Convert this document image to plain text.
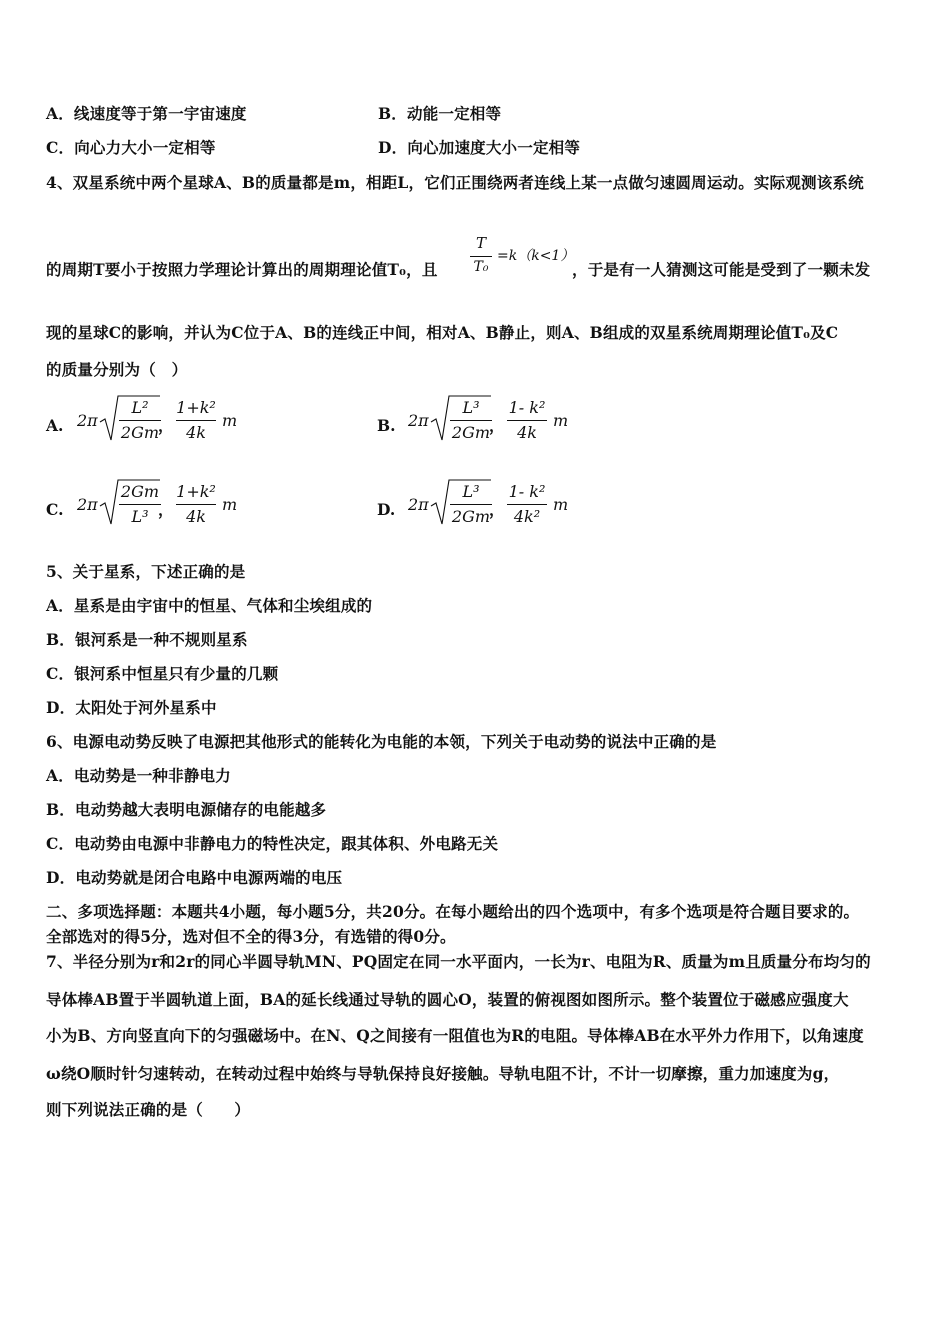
A．线速度等于第一宇宙速度	B．动能一定相等
C．向心力大小一定相等	D．向心加速度大小一定相等
4、双星系统中两个星球A、B的质量都是m，相距L，它们正围绕两者连线上某一点做匀速圆周运动。实际观测该系统
的周期T要小于按照力学理论计算出的周期理论值T₀，且
T
T₀
=k（k<1）
，于是有一人猜测这可能是受到了一颗未发
现的星球C的影响，并认为C位于A、B的连线正中间，相对A、B静止，则A、B组成的双星系统周期理论值T₀及C
的质量分别为（　）
A. 2π
L²
2Gm
，
1+k²
4k
m	B. 2π
L³
2Gm
，
1- k²
4k
m
C. 2π
2Gm
L³ ，
1+k²
4k
m	D. 2π
L³
2Gm
，
1- k²
4k²
m
5、关于星系，下述正确的是
A．星系是由宇宙中的恒星、气体和尘埃组成的
B．银河系是一种不规则星系
C．银河系中恒星只有少量的几颗
D．太阳处于河外星系中
6、电源电动势反映了电源把其他形式的能转化为电能的本领，下列关于电动势的说法中正确的是
A．电动势是一种非静电力
B．电动势越大表明电源储存的电能越多
C．电动势由电源中非静电力的特性决定，跟其体积、外电路无关
D．电动势就是闭合电路中电源两端的电压
二、多项选择题：本题共4小题，每小题5分，共20分。在每小题给出的四个选项中，有多个选项是符合题目要求的。
全部选对的得5分，选对但不全的得3分，有选错的得0分。
7、半径分别为r和2r的同心半圆导轨MN、PQ固定在同一水平面内，一长为r、电阻为R、质量为m且质量分布均匀的
导体棒AB置于半圆轨道上面，BA的延长线通过导轨的圆心O，装置的俯视图如图所示。整个装置位于磁感应强度大
小为B、方向竖直向下的匀强磁场中。在N、Q之间接有一阻值也为R的电阻。导体棒AB在水平外力作用下，以角速度
ω绕O顺时针匀速转动，在转动过程中始终与导轨保持良好接触。导轨电阻不计，不计一切摩擦，重力加速度为g，
则下列说法正确的是（　　）
